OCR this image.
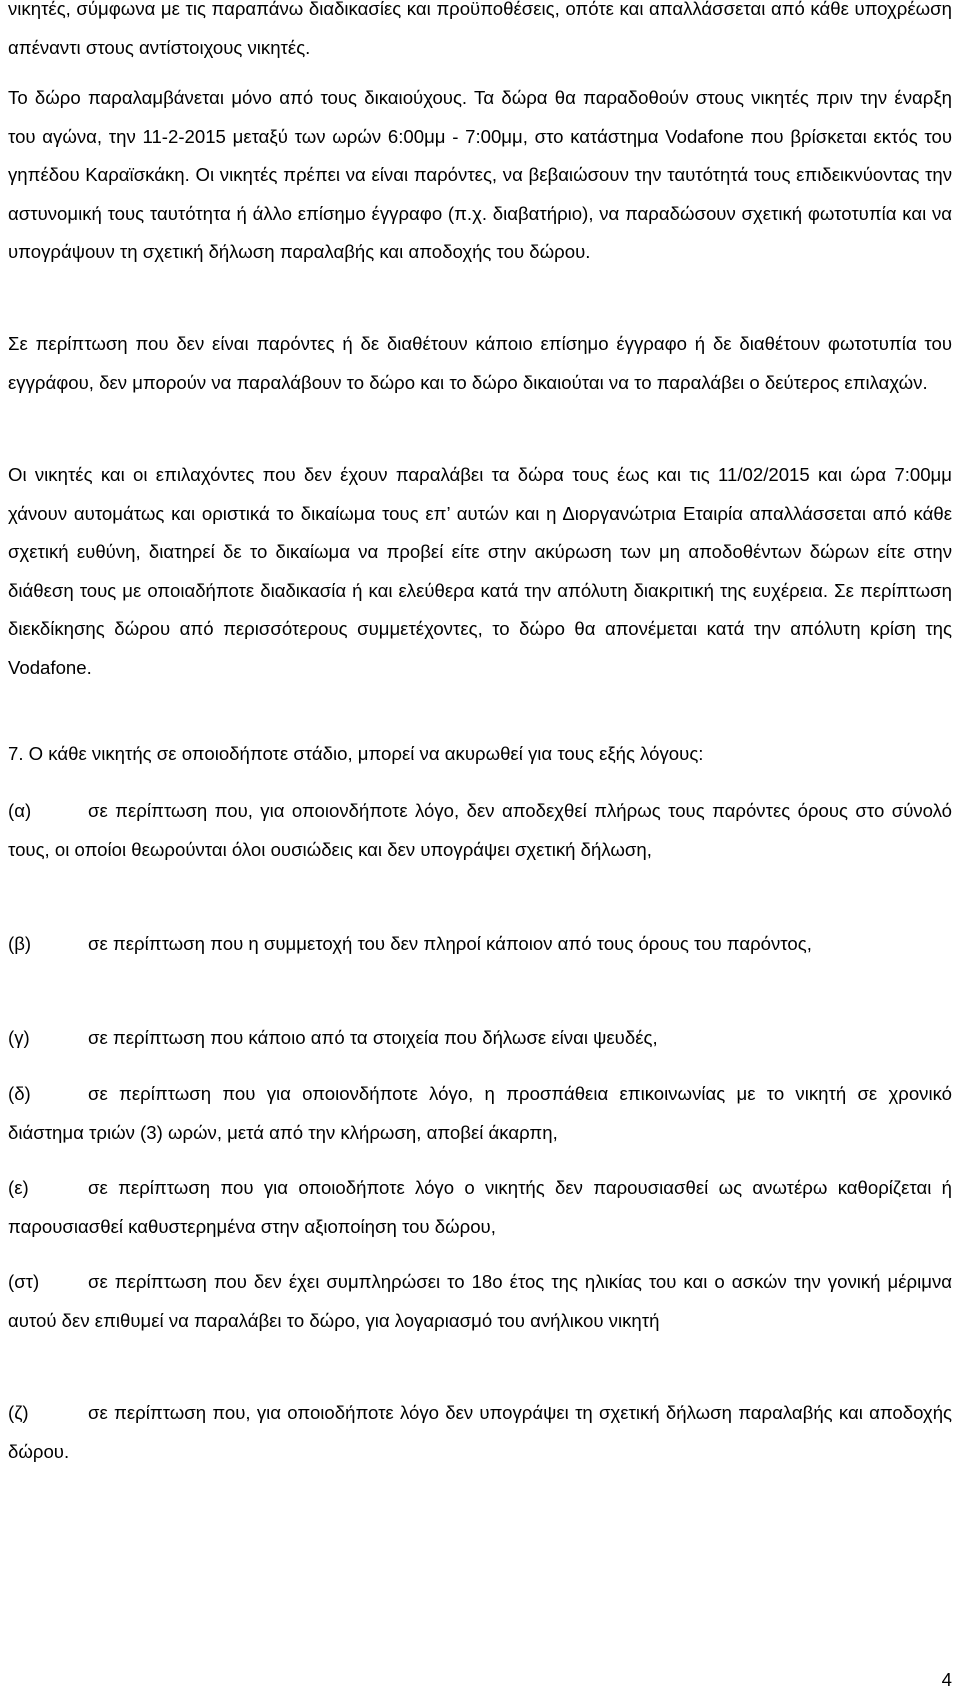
νικητές, σύμφωνα με τις παραπάνω διαδικασίες και προϋποθέσεις, οπότε και απαλλάσσεται από κάθε υποχρέωση απέναντι στους αντίστοιχους νικητές.

Το δώρο παραλαμβάνεται μόνο από τους δικαιούχους. Τα δώρα θα παραδοθούν στους νικητές πριν την έναρξη του αγώνα, την 11-2-2015 μεταξύ των ωρών 6:00μμ - 7:00μμ, στο κατάστημα Vodafone που βρίσκεται εκτός του γηπέδου Καραϊσκάκη. Οι νικητές πρέπει να είναι παρόντες, να βεβαιώσουν την ταυτότητά τους επιδεικνύοντας την αστυνομική τους ταυτότητα ή άλλο επίσημο έγγραφο (π.χ. διαβατήριο), να παραδώσουν σχετική φωτοτυπία και να υπογράψουν τη σχετική δήλωση παραλαβής και αποδοχής του δώρου.

Σε περίπτωση που δεν είναι παρόντες ή δε διαθέτουν κάποιο επίσημο έγγραφο ή δε διαθέτουν φωτοτυπία του εγγράφου, δεν μπορούν να παραλάβουν το δώρο και το δώρο δικαιούται να το παραλάβει ο δεύτερος επιλαχών.

Οι νικητές και οι επιλαχόντες που δεν έχουν παραλάβει τα δώρα τους έως και τις 11/02/2015 και ώρα 7:00μμ χάνουν αυτομάτως και οριστικά το δικαίωμα τους επ’ αυτών και η Διοργανώτρια Εταιρία απαλλάσσεται από κάθε σχετική ευθύνη, διατηρεί δε το δικαίωμα να προβεί είτε στην ακύρωση των μη αποδοθέντων δώρων είτε στην διάθεση τους με οποιαδήποτε διαδικασία ή και ελεύθερα κατά την απόλυτη διακριτική της ευχέρεια. Σε περίπτωση διεκδίκησης δώρου από περισσότερους συμμετέχοντες, το δώρο θα απονέμεται κατά την απόλυτη κρίση της Vodafone.

7. Ο κάθε νικητής σε οποιοδήποτε στάδιο, μπορεί να ακυρωθεί για τους εξής λόγους:

(α)	σε περίπτωση που, για οποιονδήποτε λόγο, δεν αποδεχθεί πλήρως τους παρόντες όρους στο σύνολό τους, οι οποίοι θεωρούνται όλοι ουσιώδεις και δεν υπογράψει σχετική δήλωση,

(β)	σε περίπτωση που η συμμετοχή του δεν πληροί κάποιον από τους όρους του παρόντος,

(γ)	σε περίπτωση που κάποιο από τα στοιχεία που δήλωσε είναι ψευδές,

(δ)	σε περίπτωση που για οποιονδήποτε λόγο, η προσπάθεια επικοινωνίας με το νικητή σε χρονικό διάστημα τριών (3) ωρών, μετά από την κλήρωση, αποβεί άκαρπη,

(ε)	σε περίπτωση που για οποιοδήποτε λόγο ο νικητής δεν παρουσιασθεί ως ανωτέρω καθορίζεται ή παρουσιασθεί καθυστερημένα στην αξιοποίηση του δώρου,

(στ)	σε περίπτωση που δεν έχει συμπληρώσει το 18ο έτος της ηλικίας του και ο ασκών την γονική μέριμνα αυτού δεν επιθυμεί να παραλάβει το δώρο, για λογαριασμό του ανήλικου νικητή

(ζ)	σε περίπτωση που, για οποιοδήποτε λόγο δεν υπογράψει τη σχετική δήλωση παραλαβής και αποδοχής δώρου.

4
